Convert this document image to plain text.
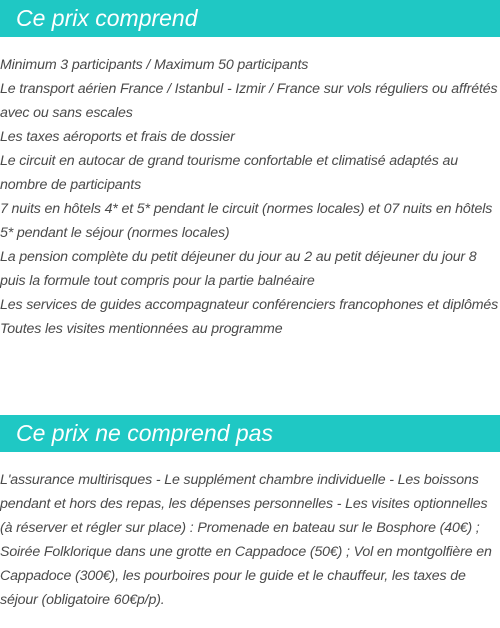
Ce prix comprend
Minimum 3 participants / Maximum 50 participants
Le transport aérien France / Istanbul - Izmir / France sur vols réguliers ou affrétés avec ou sans escales
Les taxes aéroports et frais de dossier
Le circuit en autocar de grand tourisme confortable et climatisé adaptés au nombre de participants
7 nuits en hôtels 4* et 5* pendant le circuit (normes locales) et 07 nuits en hôtels 5* pendant le séjour (normes locales)
La pension complète du petit déjeuner du jour au 2 au petit déjeuner du jour 8 puis la formule tout compris pour la partie balnéaire
Les services de guides accompagnateur conférenciers francophones et diplômés
Toutes les visites mentionnées au programme
Ce prix ne comprend pas

L'assurance multirisques - Le supplément chambre individuelle - Les boissons pendant et hors des repas, les dépenses personnelles - Les visites optionnelles (à réserver et régler sur place) : Promenade en bateau sur le Bosphore (40€) ; Soirée Folklorique dans une grotte en Cappadoce (50€) ; Vol en montgolfière en Cappadoce (300€), les pourboires pour le guide et le chauffeur, les taxes de séjour (obligatoire 60€p/p).
